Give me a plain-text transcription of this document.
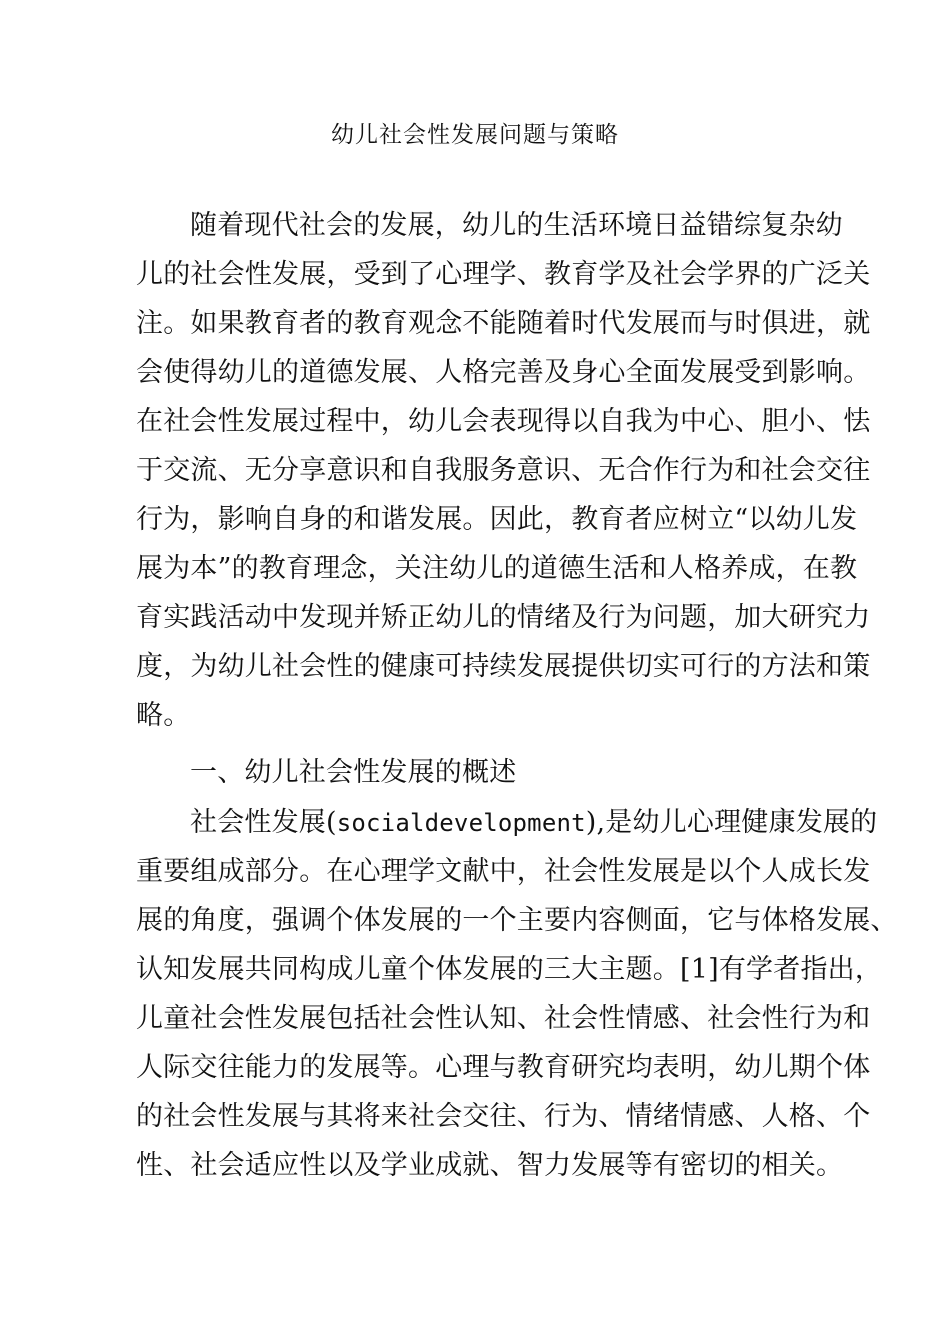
幼儿社会性发展问题与策略
随着现代社会的发展，幼儿的生活环境日益错综复杂幼
儿的社会性发展，受到了心理学、教育学及社会学界的广泛关
注。如果教育者的教育观念不能随着时代发展而与时俱进，就
会使得幼儿的道德发展、人格完善及身心全面发展受到影响。
在社会性发展过程中，幼儿会表现得以自我为中心、胆小、怯
于交流、无分享意识和自我服务意识、无合作行为和社会交往
行为，影响自身的和谐发展。因此，教育者应树立“以幼儿发
展为本”的教育理念，关注幼儿的道德生活和人格养成，在教
育实践活动中发现并矫正幼儿的情绪及行为问题，加大研究力
度，为幼儿社会性的健康可持续发展提供切实可行的方法和策
略。
一、幼儿社会性发展的概述
社会性发展(socialdevelopment),是幼儿心理健康发展的
重要组成部分。在心理学文献中，社会性发展是以个人成长发
展的角度，强调个体发展的一个主要内容侧面，它与体格发展、
认知发展共同构成儿童个体发展的三大主题。[1]有学者指出，
儿童社会性发展包括社会性认知、社会性情感、社会性行为和
人际交往能力的发展等。心理与教育研究均表明，幼儿期个体
的社会性发展与其将来社会交往、行为、情绪情感、人格、个
性、社会适应性以及学业成就、智力发展等有密切的相关。
